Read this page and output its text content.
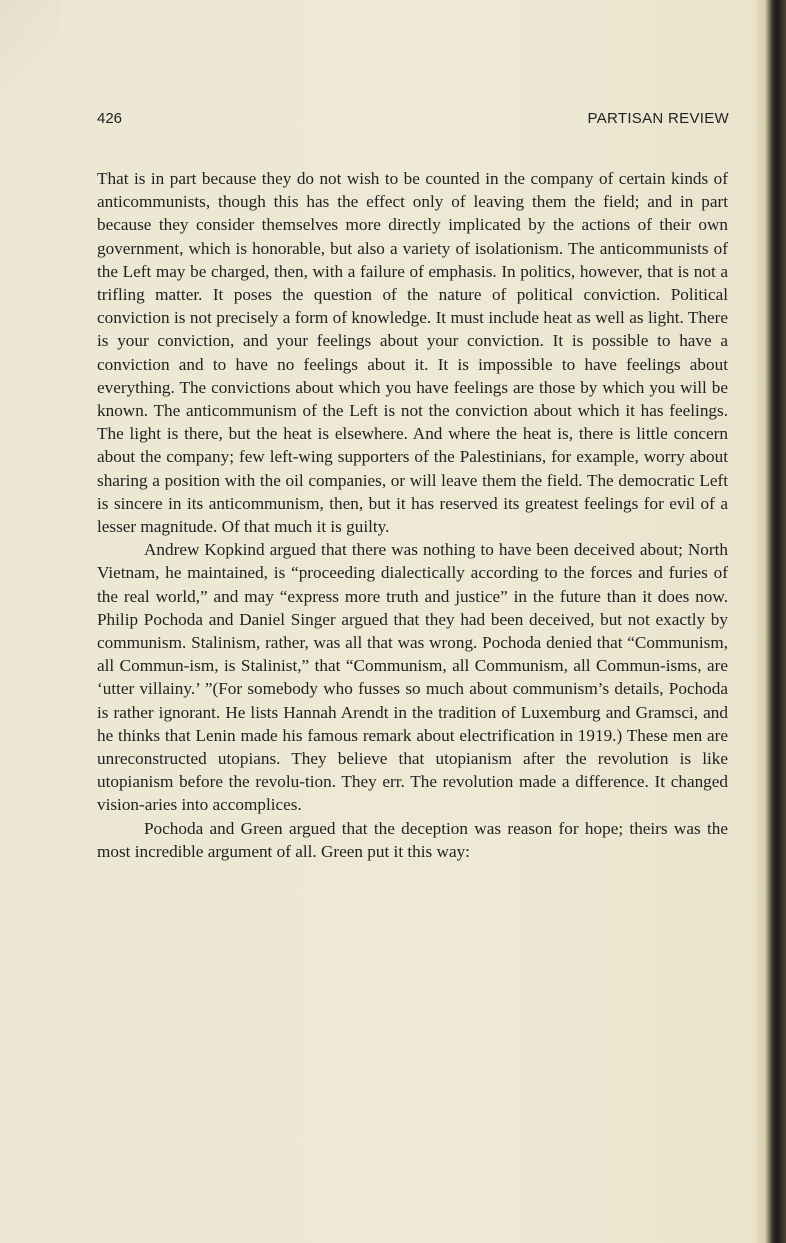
426	PARTISAN REVIEW

That is in part because they do not wish to be counted in the company of certain kinds of anticommunists, though this has the effect only of leaving them the field; and in part because they consider themselves more directly implicated by the actions of their own government, which is honorable, but also a variety of isolationism. The anticommunists of the Left may be charged, then, with a failure of emphasis. In politics, however, that is not a trifling matter. It poses the question of the nature of political conviction. Political conviction is not precisely a form of knowledge. It must include heat as well as light. There is your conviction, and your feelings about your conviction. It is possible to have a conviction and to have no feelings about it. It is impossible to have feelings about everything. The convictions about which you have feelings are those by which you will be known. The anticommunism of the Left is not the conviction about which it has feelings. The light is there, but the heat is elsewhere. And where the heat is, there is little concern about the company; few left-wing supporters of the Palestinians, for example, worry about sharing a position with the oil companies, or will leave them the field. The democratic Left is sincere in its anticommunism, then, but it has reserved its greatest feelings for evil of a lesser magnitude. Of that much it is guilty.

Andrew Kopkind argued that there was nothing to have been deceived about; North Vietnam, he maintained, is “proceeding dialectically according to the forces and furies of the real world,” and may “express more truth and justice” in the future than it does now. Philip Pochoda and Daniel Singer argued that they had been deceived, but not exactly by communism. Stalinism, rather, was all that was wrong. Pochoda denied that “Communism, all Commun-ism, is Stalinist,” that “Communism, all Communism, all Commun-isms, are ‘utter villainy.’ ”(For somebody who fusses so much about communism’s details, Pochoda is rather ignorant. He lists Hannah Arendt in the tradition of Luxemburg and Gramsci, and he thinks that Lenin made his famous remark about electrification in 1919.) These men are unreconstructed utopians. They believe that utopianism after the revolution is like utopianism before the revolu-tion. They err. The revolution made a difference. It changed vision-aries into accomplices.

Pochoda and Green argued that the deception was reason for hope; theirs was the most incredible argument of all. Green put it this way:
